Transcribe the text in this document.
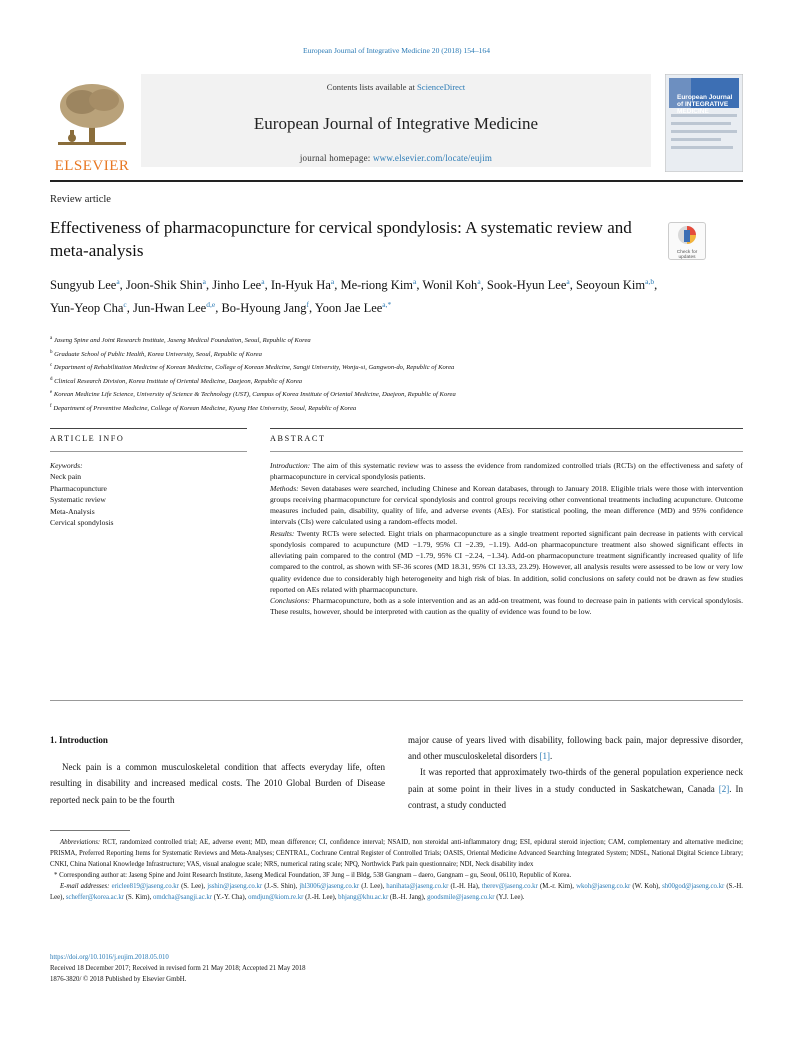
European Journal of Integrative Medicine 20 (2018) 154–164
ELSEVIER
Contents lists available at ScienceDirect
European Journal of Integrative Medicine
journal homepage: www.elsevier.com/locate/eujim
European Journal of INTEGRATIVE MEDICINE
Review article
Effectiveness of pharmacopuncture for cervical spondylosis: A systematic review and meta-analysis	Check for
updates
Sungyub Lee$^a$, Joon-Shik Shin$^a$, Jinho Lee$^a$, In-Hyuk Ha$^a$, Me-riong Kim$^a$, Wonil Koh$^a$, Sook-Hyun Lee$^a$, Seoyoun Kim$^{a,b}$, Yun-Yeop Cha$^c$, Jun-Hwan Lee$^{d,e}$, Bo-Hyoung Jang$^f$, Yoon Jae Lee$^{a,*}$
$^a$ Jaseng Spine and Joint Research Institute, Jaseng Medical Foundation, Seoul, Republic of Korea
$^b$ Graduate School of Public Health, Korea University, Seoul, Republic of Korea
$^c$ Department of Rehabilitation Medicine of Korean Medicine, College of Korean Medicine, Sangji University, Wonju-si, Gangwon-do, Republic of Korea
$^d$ Clinical Research Division, Korea Institute of Oriental Medicine, Daejeon, Republic of Korea
$^e$ Korean Medicine Life Science, University of Science & Technology (UST), Campus of Korea Institute of Oriental Medicine, Daejeon, Republic of Korea
$^f$ Department of Preventive Medicine, College of Korean Medicine, Kyung Hee University, Seoul, Republic of Korea
ARTICLE INFO	ABSTRACT
Keywords:
Neck pain
Pharmacopuncture
Systematic review
Meta-Analysis
Cervical spondylosis

Introduction: The aim of this systematic review was to assess the evidence from randomized controlled trials (RCTs) on the effectiveness and safety of pharmacopuncture in cervical spondylosis patients.

Methods: Seven databases were searched, including Chinese and Korean databases, through to January 2018. Eligible trials were those with intervention groups receiving pharmacopuncture for cervical spondylosis and control groups receiving other conventional treatments including acupuncture. Outcome measures included pain, disability, quality of life, and adverse events (AEs). For statistical pooling, the mean difference (MD) and 95% confidence intervals (CIs) were calculated using a random-effects model.

Results: Twenty RCTs were selected. Eight trials on pharmacopuncture as a single treatment reported significant pain decrease in patients with cervical spondylosis compared to acupuncture (MD −1.79, 95% CI −2.39, −1.19). Add-on pharmacopuncture treatment also showed significant effects in alleviating pain compared to the control (MD −1.79, 95% CI −2.24, −1.34). Add-on pharmacopuncture treatment significantly increased quality of life compared to the control, as shown with SF-36 scores (MD 18.31, 95% CI 13.33, 23.29). However, all analysis results were assessed to be low or very low quality evidence due to considerably high heterogeneity and high risk of bias. In addition, solid conclusions on safety could not be drawn as few studies reported on AEs related with pharmacopuncture.

Conclusions: Pharmacopuncture, both as a sole intervention and as an add-on treatment, was found to decrease pain in patients with cervical spondylosis. These results, however, should be interpreted with caution as the quality of evidence was found to be low.

1. Introduction

Neck pain is a common musculoskeletal condition that affects everyday life, often resulting in disability and increased medical costs. The 2010 Global Burden of Disease reported neck pain to be the fourth

major cause of years lived with disability, following back pain, major depressive disorder, and other musculoskeletal disorders [1].

It was reported that approximately two-thirds of the general population experience neck pain at some point in their lives in a study conducted in Saskatchewan, Canada [2]. In contrast, a study conducted

Abbreviations: RCT, randomized controlled trial; AE, adverse event; MD, mean difference; CI, confidence interval; NSAID, non steroidal anti-inflammatory drug; ESI, epidural steroid injection; CAM, complementary and alternative medicine; PRISMA, Preferred Reporting Items for Systematic Reviews and Meta-Analyses; CENTRAL, Cochrane Central Register of Controlled Trials; OASIS, Oriental Medicine Advanced Searching Integrated System; NDSL, National Digital Science Library; CNKI, China National Knowledge Infrastructure; VAS, visual analogue scale; NRS, numerical rating scale; NPQ, Northwick Park pain questionnaire; NDI, Neck disability index

* Corresponding author at: Jaseng Spine and Joint Research Institute, Jaseng Medical Foundation, 3F Jung – il Bldg, 538 Gangnam – daero, Gangnam – gu, Seoul, 06110, Republic of Korea.

E-mail addresses: ericlee819@jaseng.co.kr (S. Lee), jsshin@jaseng.co.kr (J.-S. Shin), jhl3006@jaseng.co.kr (J. Lee), hanihata@jaseng.co.kr (I.-H. Ha), therev@jaseng.co.kr (M.-r. Kim), wkoh@jaseng.co.kr (W. Koh), sh00god@jaseng.co.kr (S.-H. Lee), scheffer@korea.ac.kr (S. Kim), omdcha@sangji.ac.kr (Y.-Y. Cha), omdjun@kiom.re.kr (J.-H. Lee), bhjang@khu.ac.kr (B.-H. Jang), goodsmile@jaseng.co.kr (Y.J. Lee).

https://doi.org/10.1016/j.eujim.2018.05.010
Received 18 December 2017; Received in revised form 21 May 2018; Accepted 21 May 2018
1876-3820/ © 2018 Published by Elsevier GmbH.
